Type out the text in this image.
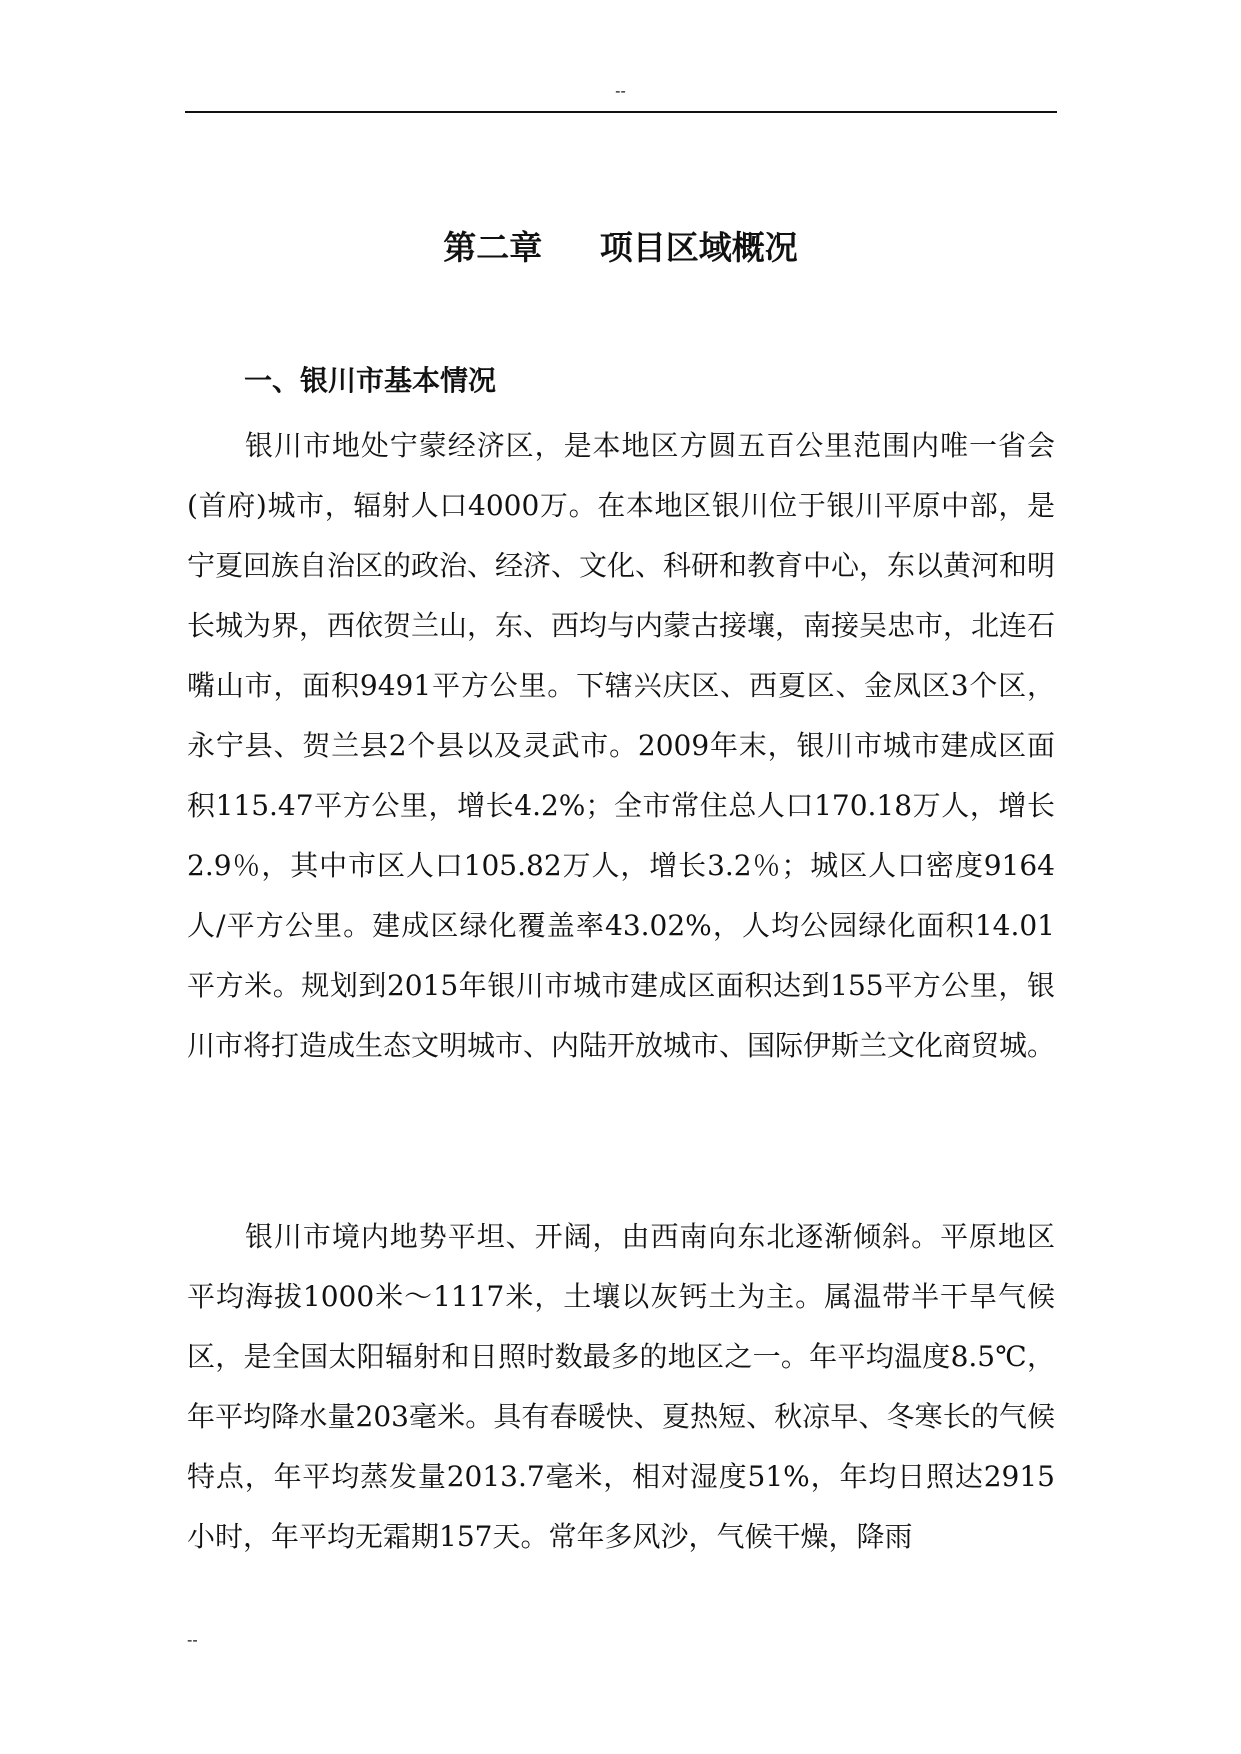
--
第二章     项目区域概况
一、银川市基本情况

银川市地处宁蒙经济区，是本地区方圆五百公里范围内唯一省会(首府)城市，辐射人口4000万。在本地区银川位于银川平原中部，是宁夏回族自治区的政治、经济、文化、科研和教育中心，东以黄河和明长城为界，西依贺兰山，东、西均与内蒙古接壤，南接吴忠市，北连石嘴山市，面积9491平方公里。下辖兴庆区、西夏区、金凤区3个区，永宁县、贺兰县2个县以及灵武市。2009年末，银川市城市建成区面积115.47平方公里，增长4.2%；全市常住总人口170.18万人，增长2.9％，其中市区人口105.82万人，增长3.2％；城区人口密度9164人/平方公里。建成区绿化覆盖率43.02%，人均公园绿化面积14.01平方米。规划到2015年银川市城市建成区面积达到155平方公里，银川市将打造成生态文明城市、内陆开放城市、国际伊斯兰文化商贸城。

银川市境内地势平坦、开阔，由西南向东北逐渐倾斜。平原地区平均海拔1000米～1117米，土壤以灰钙土为主。属温带半干旱气候区，是全国太阳辐射和日照时数最多的地区之一。年平均温度8.5℃，年平均降水量203毫米。具有春暖快、夏热短、秋凉早、冬寒长的气候特点，年平均蒸发量2013.7毫米，相对湿度51%，年均日照达2915小时，年平均无霜期157天。常年多风沙，气候干燥，降雨

--
